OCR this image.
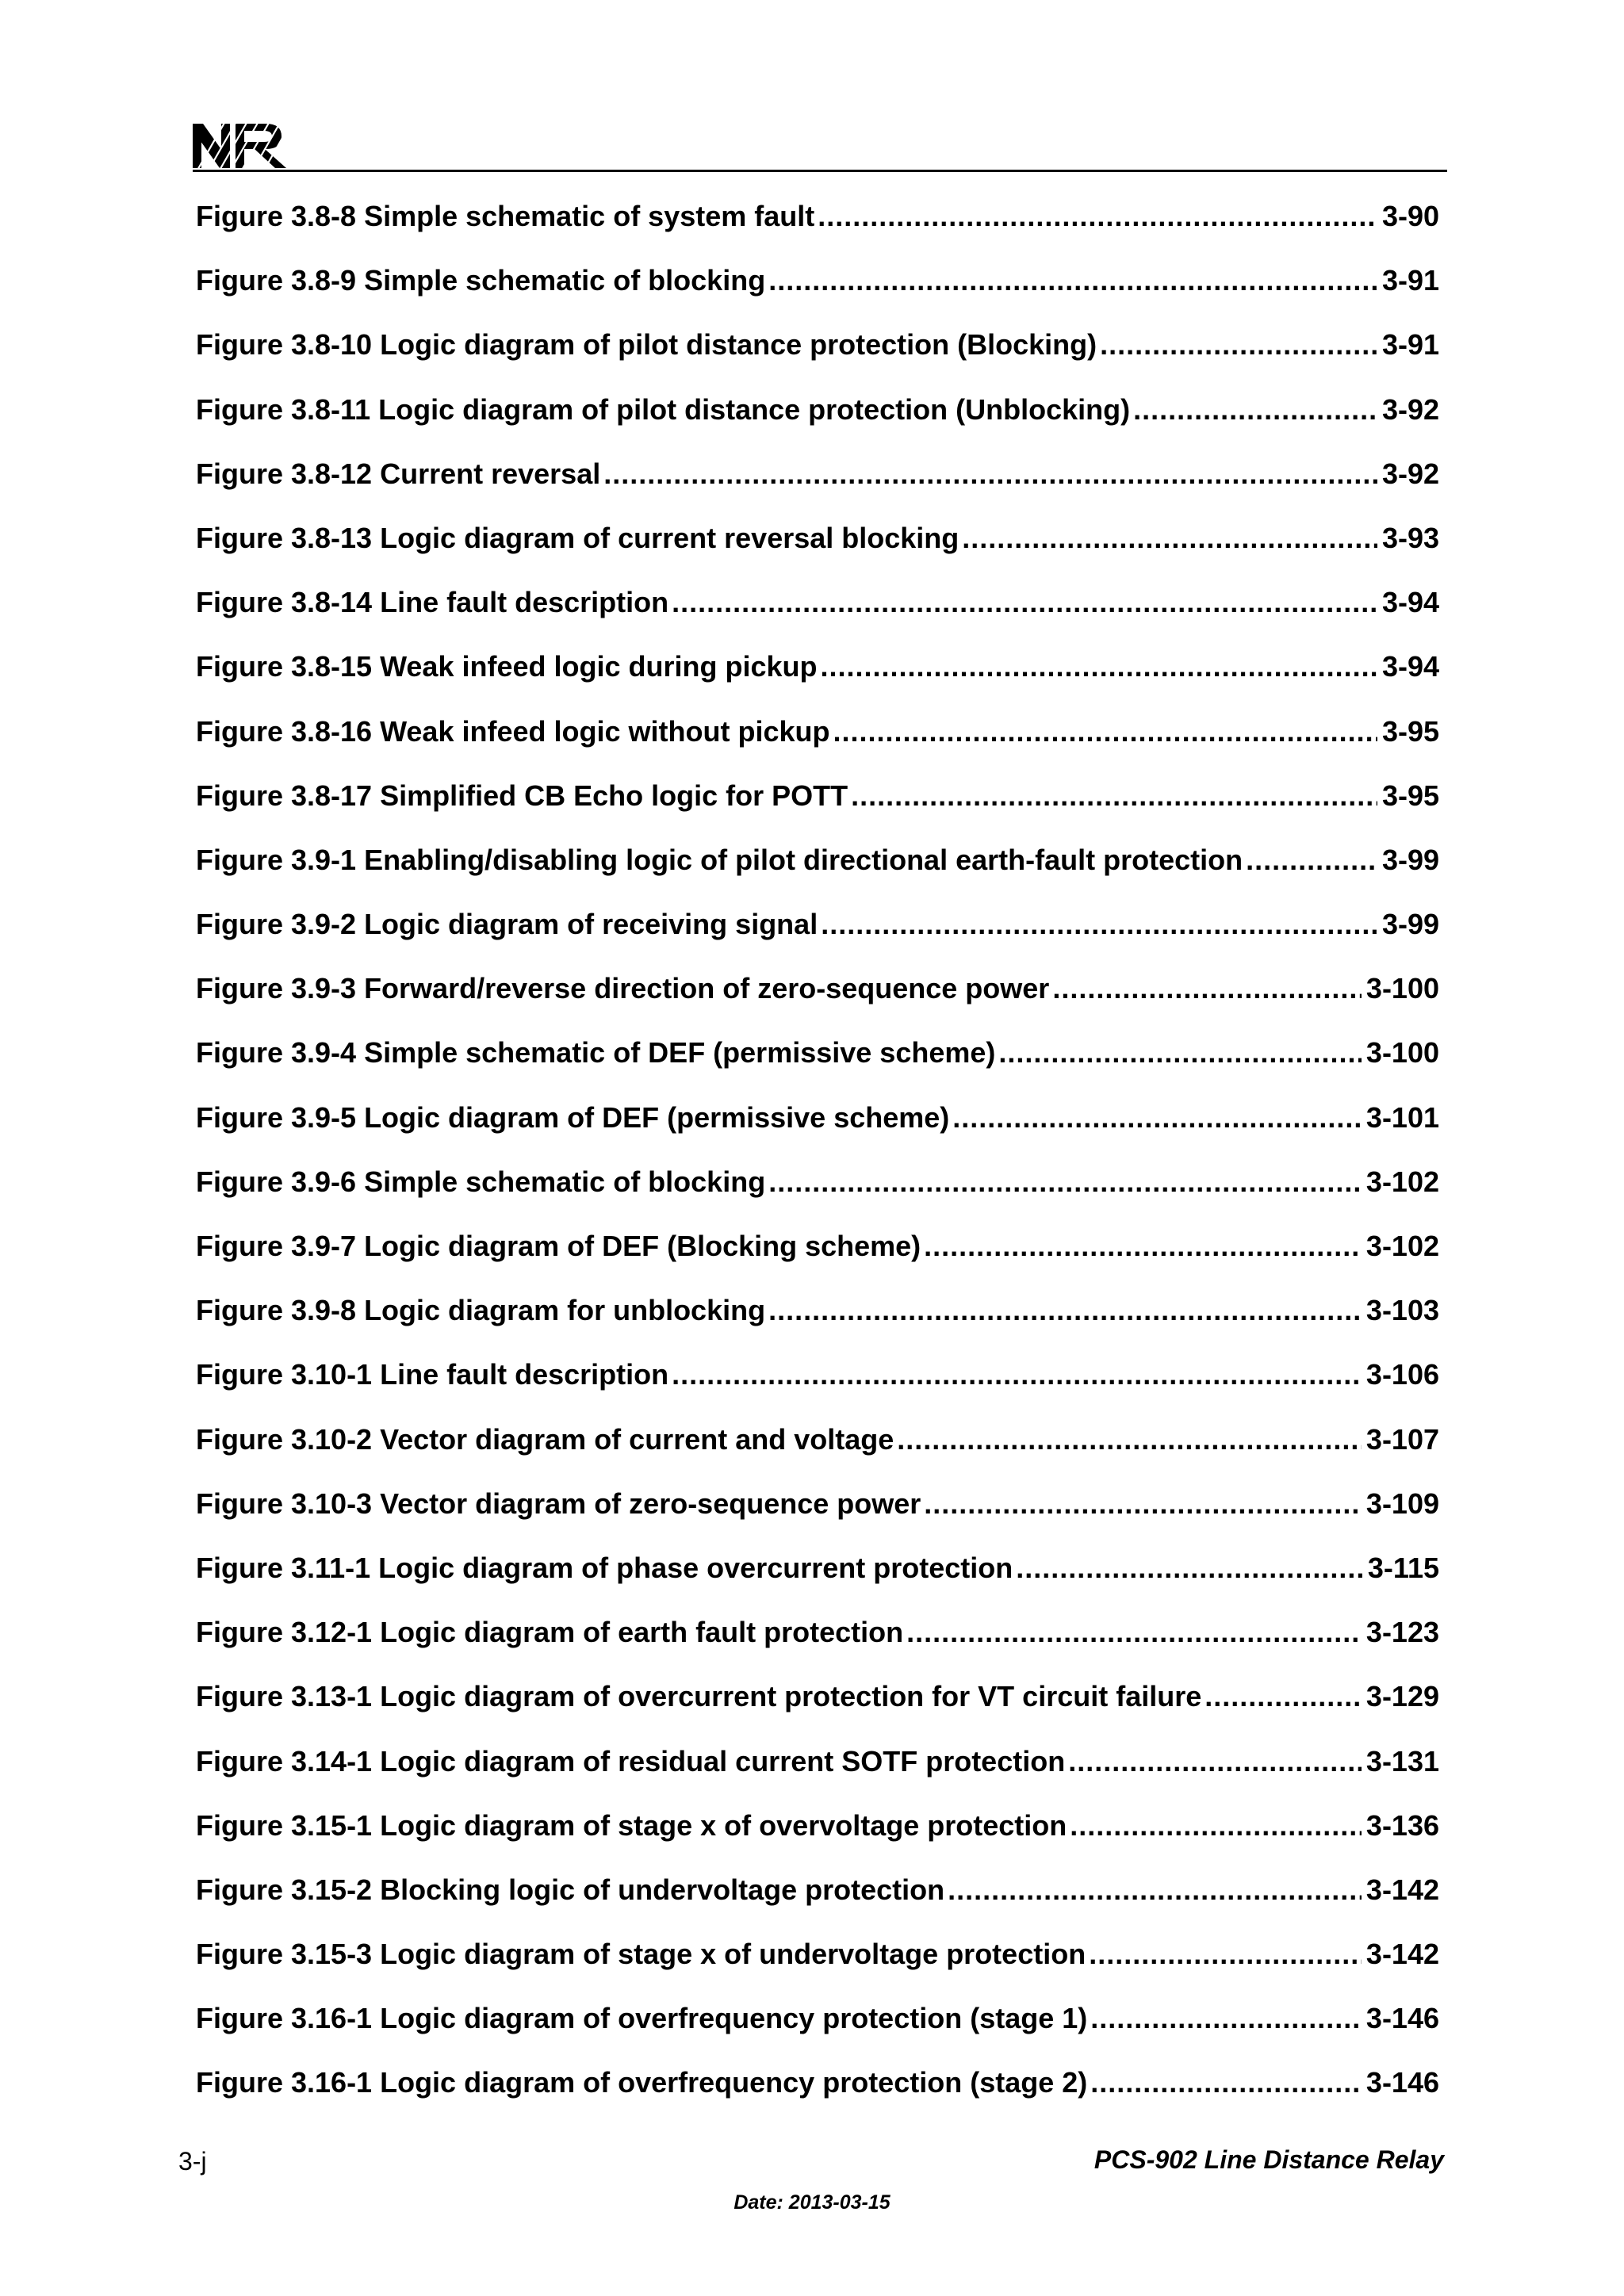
Figure 3.8-8 Simple schematic of system fault .....	3-90
Figure 3.8-9 Simple schematic of blocking .....	3-91
Figure 3.8-10 Logic diagram of pilot distance protection (Blocking) .....	3-91
Figure 3.8-11 Logic diagram of pilot distance protection (Unblocking) .....	3-92
Figure 3.8-12 Current reversal .....	3-92
Figure 3.8-13 Logic diagram of current reversal blocking .....	3-93
Figure 3.8-14 Line fault description .....	3-94
Figure 3.8-15 Weak infeed logic during pickup .....	3-94
Figure 3.8-16 Weak infeed logic without pickup .....	3-95
Figure 3.8-17 Simplified CB Echo logic for POTT .....	3-95
Figure 3.9-1 Enabling/disabling logic of pilot directional earth-fault protection .....	3-99
Figure 3.9-2 Logic diagram of receiving signal .....	3-99
Figure 3.9-3 Forward/reverse direction of zero-sequence power .....	3-100
Figure 3.9-4 Simple schematic of DEF (permissive scheme) .....	3-100
Figure 3.9-5 Logic diagram of DEF (permissive scheme) .....	3-101
Figure 3.9-6 Simple schematic of blocking .....	3-102
Figure 3.9-7 Logic diagram of DEF (Blocking scheme) .....	3-102
Figure 3.9-8 Logic diagram for unblocking .....	3-103
Figure 3.10-1 Line fault description .....	3-106
Figure 3.10-2 Vector diagram of current and voltage .....	3-107
Figure 3.10-3 Vector diagram of zero-sequence power .....	3-109
Figure 3.11-1 Logic diagram of phase overcurrent protection .....	3-115
Figure 3.12-1 Logic diagram of earth fault protection .....	3-123
Figure 3.13-1 Logic diagram of overcurrent protection for VT circuit failure .....	3-129
Figure 3.14-1 Logic diagram of residual current SOTF protection .....	3-131
Figure 3.15-1 Logic diagram of stage x of overvoltage protection .....	3-136
Figure 3.15-2 Blocking logic of undervoltage protection .....	3-142
Figure 3.15-3 Logic diagram of stage x of undervoltage protection .....	3-142
Figure 3.16-1 Logic diagram of overfrequency protection (stage 1) .....	3-146
Figure 3.16-1 Logic diagram of overfrequency protection (stage 2) .....	3-146
3-j	PCS-902 Line Distance Relay
Date: 2013-03-15
